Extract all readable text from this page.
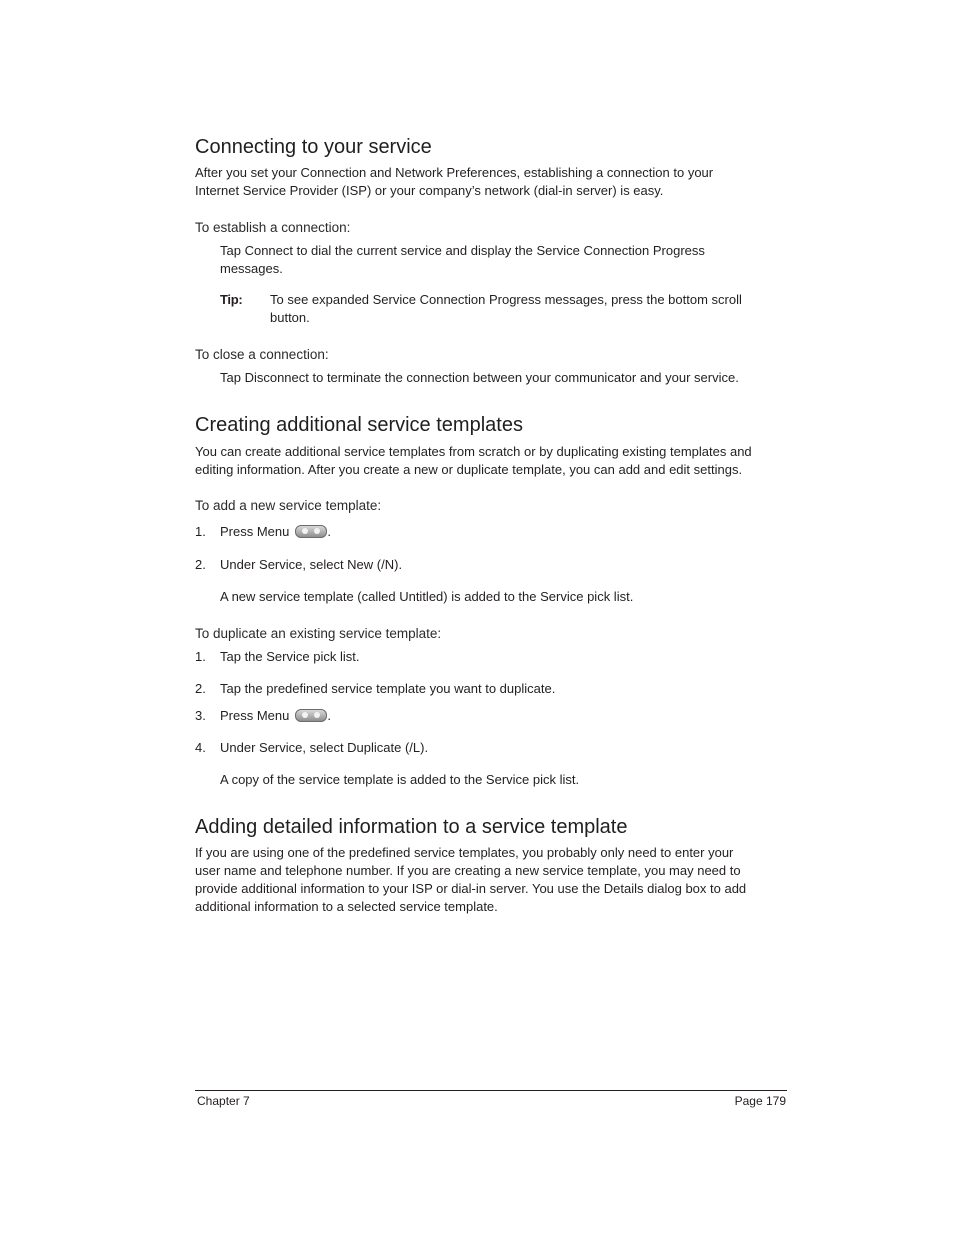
Connecting to your service

After you set your Connection and Network Preferences, establishing a connection to your

Internet Service Provider (ISP) or your company’s network (dial-in server) is easy.

To establish a connection:

Tap Connect to dial the current service and display the Service Connection Progress

messages.

Tip: To see expanded Service Connection Progress messages, press the bottom scroll

button.

To close a connection:

Tap Disconnect to terminate the connection between your communicator and your service.

Creating additional service templates

You can create additional service templates from scratch or by duplicating existing templates and

editing information. After you create a new or duplicate template, you can add and edit settings.

To add a new service template:

1. Press Menu	.

2. Under Service, select New (/N).

A new service template (called Untitled) is added to the Service pick list.

To duplicate an existing service template:

1. Tap the Service pick list.

2. Tap the predefined service template you want to duplicate.

3. Press Menu	.

4. Under Service, select Duplicate (/L).

A copy of the service template is added to the Service pick list.

Adding detailed information to a service template

If you are using one of the predefined service templates, you probably only need to enter your

user name and telephone number. If you are creating a new service template, you may need to

provide additional information to your ISP or dial-in server. You use the Details dialog box to add

additional information to a selected service template.

Chapter 7	Page 179
